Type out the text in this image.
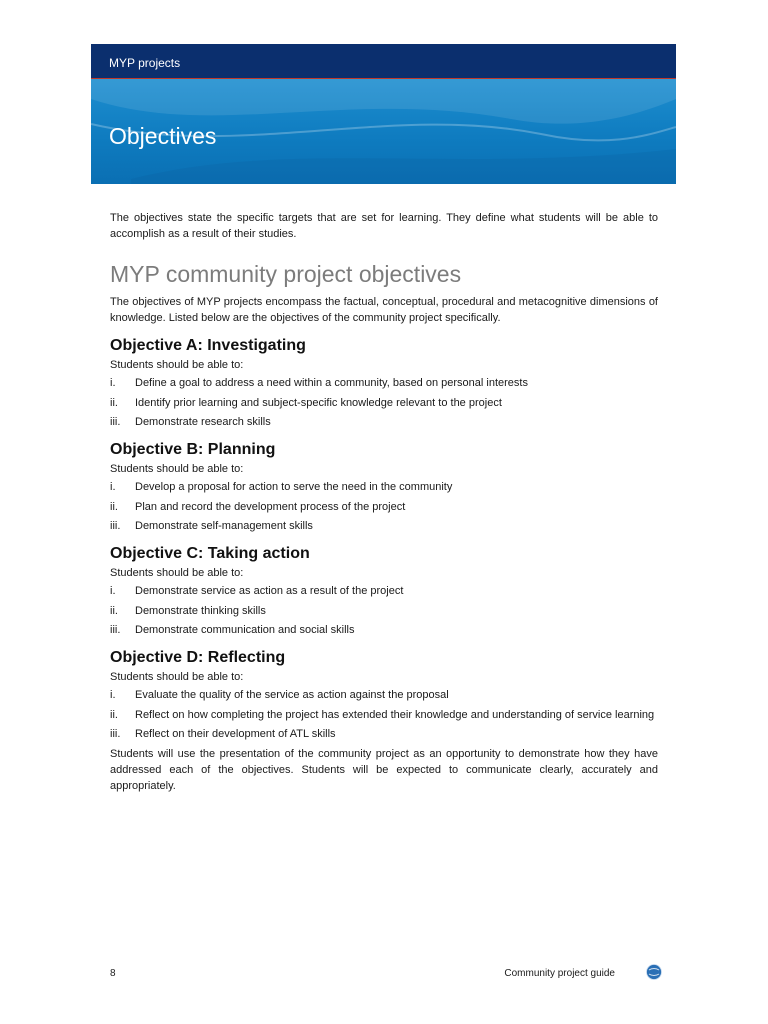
MYP projects
Objectives

The objectives state the specific targets that are set for learning. They define what students will be able to accomplish as a result of their studies.

MYP community project objectives

The objectives of MYP projects encompass the factual, conceptual, procedural and metacognitive dimensions of knowledge. Listed below are the objectives of the community project specifically.

Objective A: Investigating

Students should be able to:

i. Define a goal to address a need within a community, based on personal interests
ii. Identify prior learning and subject-specific knowledge relevant to the project
iii. Demonstrate research skills
Objective B: Planning

Students should be able to:

i. Develop a proposal for action to serve the need in the community
ii. Plan and record the development process of the project
iii. Demonstrate self-management skills
Objective C: Taking action

Students should be able to:

i. Demonstrate service as action as a result of the project
ii. Demonstrate thinking skills
iii. Demonstrate communication and social skills
Objective D: Reflecting

Students should be able to:

i. Evaluate the quality of the service as action against the proposal
ii. Reflect on how completing the project has extended their knowledge and understanding of service learning
iii. Reflect on their development of ATL skills

Students will use the presentation of the community project as an opportunity to demonstrate how they have addressed each of the objectives. Students will be expected to communicate clearly, accurately and appropriately.

8	Community project guide
